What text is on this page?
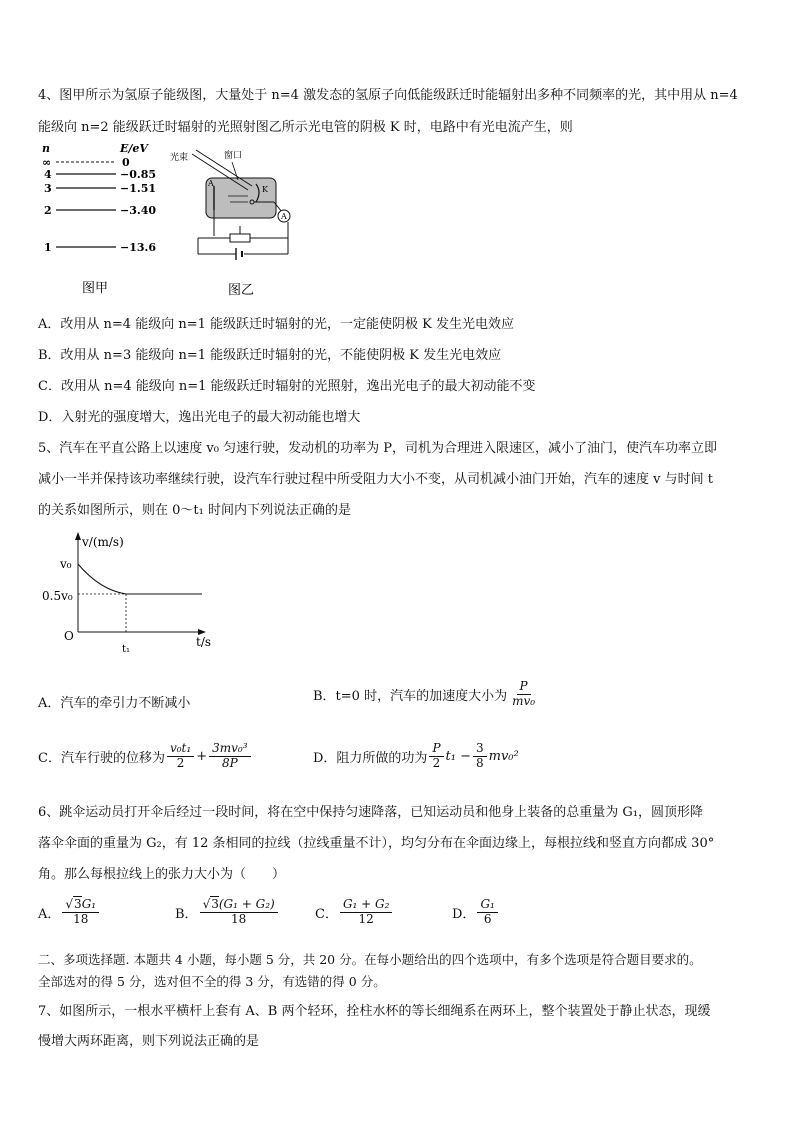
4、图甲所示为氢原子能级图，大量处于 n=4 激发态的氢原子向低能级跃迁时能辐射出多种不同频率的光，其中用从 n=4
能级向 n=2 能级跃迁时辐射的光照射图乙所示光电管的阴极 K 时，电路中有光电流产生，则
n	E/eV
∞	0
4	−0.85
3	−1.51
2	−3.40
1	−13.6
图甲
光束	窗口
A
K
A
图乙
A．改用从 n=4 能级向 n=1 能级跃迁时辐射的光，一定能使阴极 K 发生光电效应
B．改用从 n=3 能级向 n=1 能级跃迁时辐射的光，不能使阴极 K 发生光电效应
C．改用从 n=4 能级向 n=1 能级跃迁时辐射的光照射，逸出光电子的最大初动能不变
D．入射光的强度增大，逸出光电子的最大初动能也增大
5、汽车在平直公路上以速度 v₀ 匀速行驶，发动机的功率为 P，司机为合理进入限速区，减小了油门，使汽车功率立即
减小一半并保持该功率继续行驶，设汽车行驶过程中所受阻力大小不变，从司机减小油门开始，汽车的速度 v 与时间 t
的关系如图所示，则在 0～t₁ 时间内下列说法正确的是
v/(m/s)
t/s
v₀
0.5v₀
O
t₁
A．汽车的牵引力不断减小	B．t=0 时，汽车的加速度大小为 $\frac{P}{\text{mv₀}}$
C．汽车行驶的位移为 $\frac{\text{v₀t₁}}{2} + \frac{\text{3mv₀³}}{8P}$	D．阻力所做的功为 $\frac{P}{2} t_1 - \frac{3}{8} mv_0^2$
6、跳伞运动员打开伞后经过一段时间，将在空中保持匀速降落，已知运动员和他身上装备的总重量为 G₁，圆顶形降
落伞伞面的重量为 G₂，有 12 条相同的拉线（拉线重量不计），均匀分布在伞面边缘上，每根拉线和竖直方向都成 30°
角。那么每根拉线上的张力大小为（　　）
A． $\frac{\text{√3G₁}}{18}$	B． $\frac{\text{√3(G₁ + G₂)}}{18}$	C． $\frac{\text{G₁ + G₂}}{12}$	D． $\frac{\text{G₁}}{6}$
二、多项选择题. 本题共 4 小题，每小题 5 分，共 20 分。在每小题给出的四个选项中，有多个选项是符合题目要求的。
全部选对的得 5 分，选对但不全的得 3 分，有选错的得 0 分。
7、如图所示，一根水平横杆上套有 A、B 两个轻环，拴柱水杯的等长细绳系在两环上，整个装置处于静止状态，现缓
慢增大两环距离，则下列说法正确的是
